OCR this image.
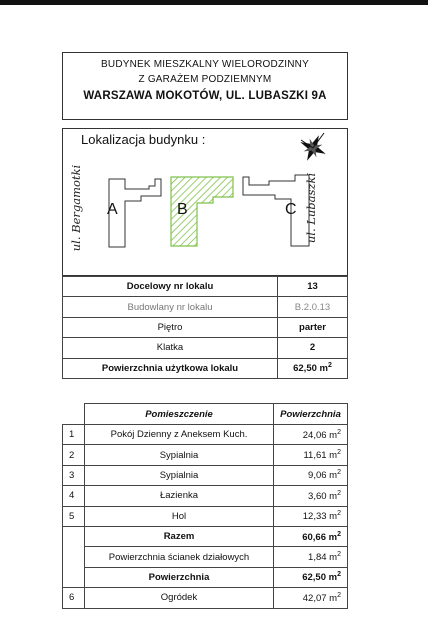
BUDYNEK MIESZKALNY WIELORODZINNY
Z GARAŻEM PODZIEMNYM
WARSZAWA MOKOTÓW, UL. LUBASZKI 9A
Lokalizacja budynku :
ul. Bergamotki	ul. Lubaszki
A	B	C
Docelowy nr lokalu	13
Budowlany nr lokalu	B.2.0.13
Piętro	parter
Klatka	2
Powierzchnia użytkowa lokalu	62,50 $m^2$
	Pomieszczenie	Powierzchnia
1	Pokój Dzienny z Aneksem Kuch.	24,06 $m^2$
2	Sypialnia	11,61 $m^2$
3	Sypialnia	9,06 $m^2$
4	Łazienka	3,60 $m^2$
5	Hol	12,33 $m^2$
	Razem	60,66 $m^2$
	Powierzchnia ścianek działowych	1,84 $m^2$
	Powierzchnia	62,50 $m^2$
6	Ogródek	42,07 $m^2$
